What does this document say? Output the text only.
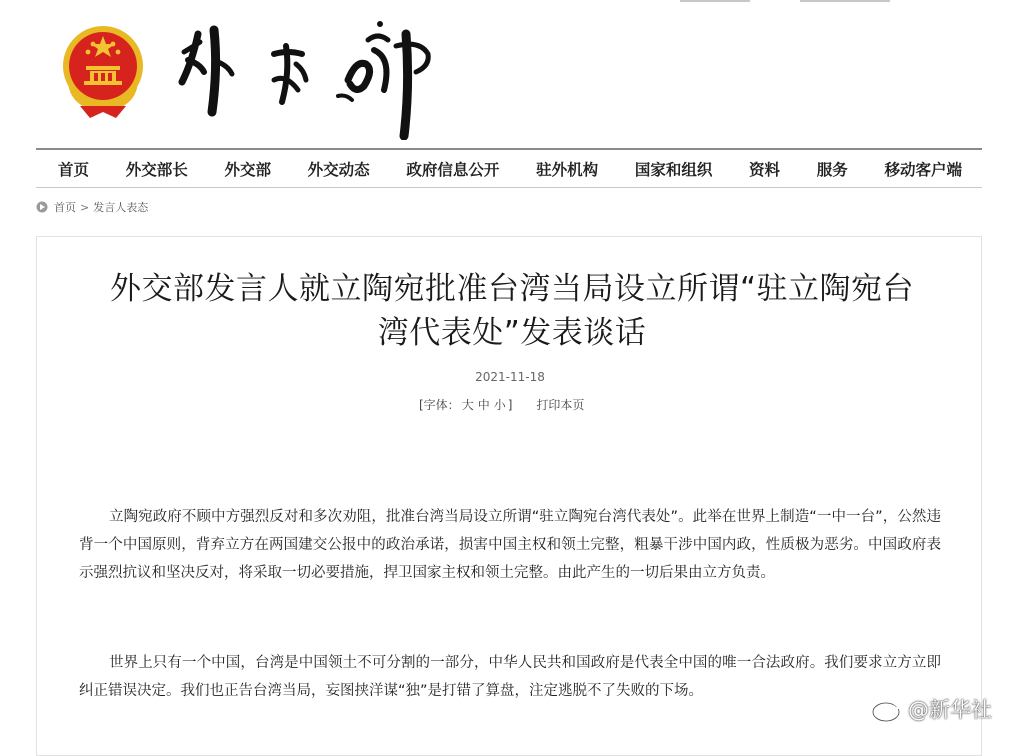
首页 外交部长 外交部 外交动态 政府信息公开 驻外机构 国家和组织 资料 服务 移动客户端
首页 > 发言人表态
外交部发言人就立陶宛批准台湾当局设立所谓“驻立陶宛台湾代表处”发表谈话
2021-11-18
[字体： 大 中 小 ] 打印本页

立陶宛政府不顾中方强烈反对和多次劝阻，批准台湾当局设立所谓“驻立陶宛台湾代表处”。此举在世界上制造“一中一台”，公然违背一个中国原则，背弃立方在两国建交公报中的政治承诺，损害中国主权和领土完整，粗暴干涉中国内政，性质极为恶劣。中国政府表示强烈抗议和坚决反对，将采取一切必要措施，捍卫国家主权和领土完整。由此产生的一切后果由立方负责。

世界上只有一个中国，台湾是中国领土不可分割的一部分，中华人民共和国政府是代表全中国的唯一合法政府。我们要求立方立即纠正错误决定。我们也正告台湾当局，妄图挟洋谋“独”是打错了算盘，注定逃脱不了失败的下场。

@新华社
